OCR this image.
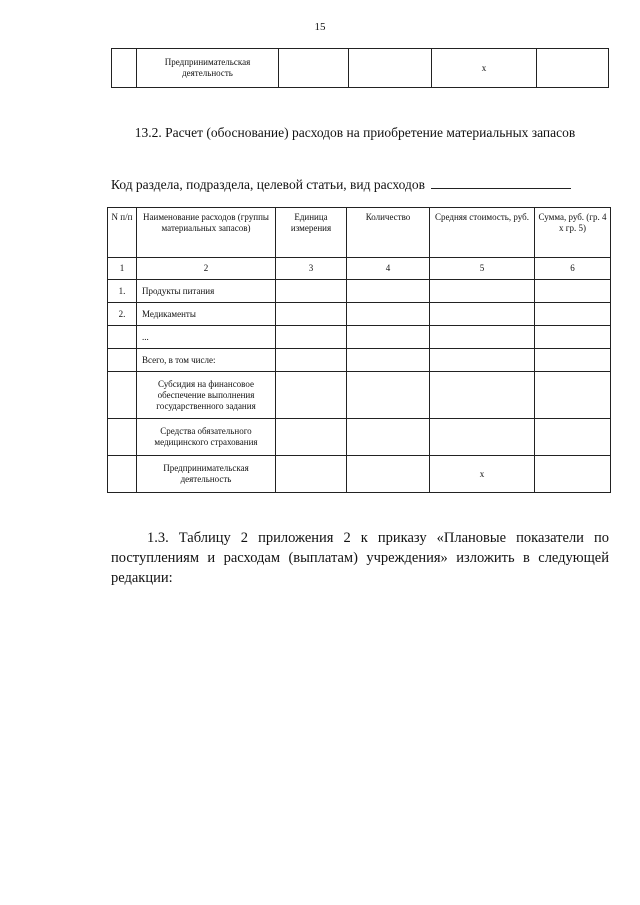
15
	Предпринимательская деятельность			x	
13.2. Расчет (обоснование) расходов на приобретение материальных запасов
Код раздела, подраздела, целевой статьи, вид расходов
N п/п	Наименование расходов (группы материальных запасов)	Единица измерения	Количество	Средняя стоимость, руб.	Сумма, руб. (гр. 4 x гр. 5)
1	2	3	4	5	6
1.	Продукты питания				
2.	Медикаменты				
	...				
	Всего, в том числе:				
	Субсидия на финансовое обеспечение выполнения государственного задания				
	Средства обязательного медицинского страхования				
	Предпринимательская деятельность			x	
1.3. Таблицу 2 приложения 2 к приказу «Плановые показатели по поступлениям и расходам (выплатам) учреждения» изложить в следующей редакции:
